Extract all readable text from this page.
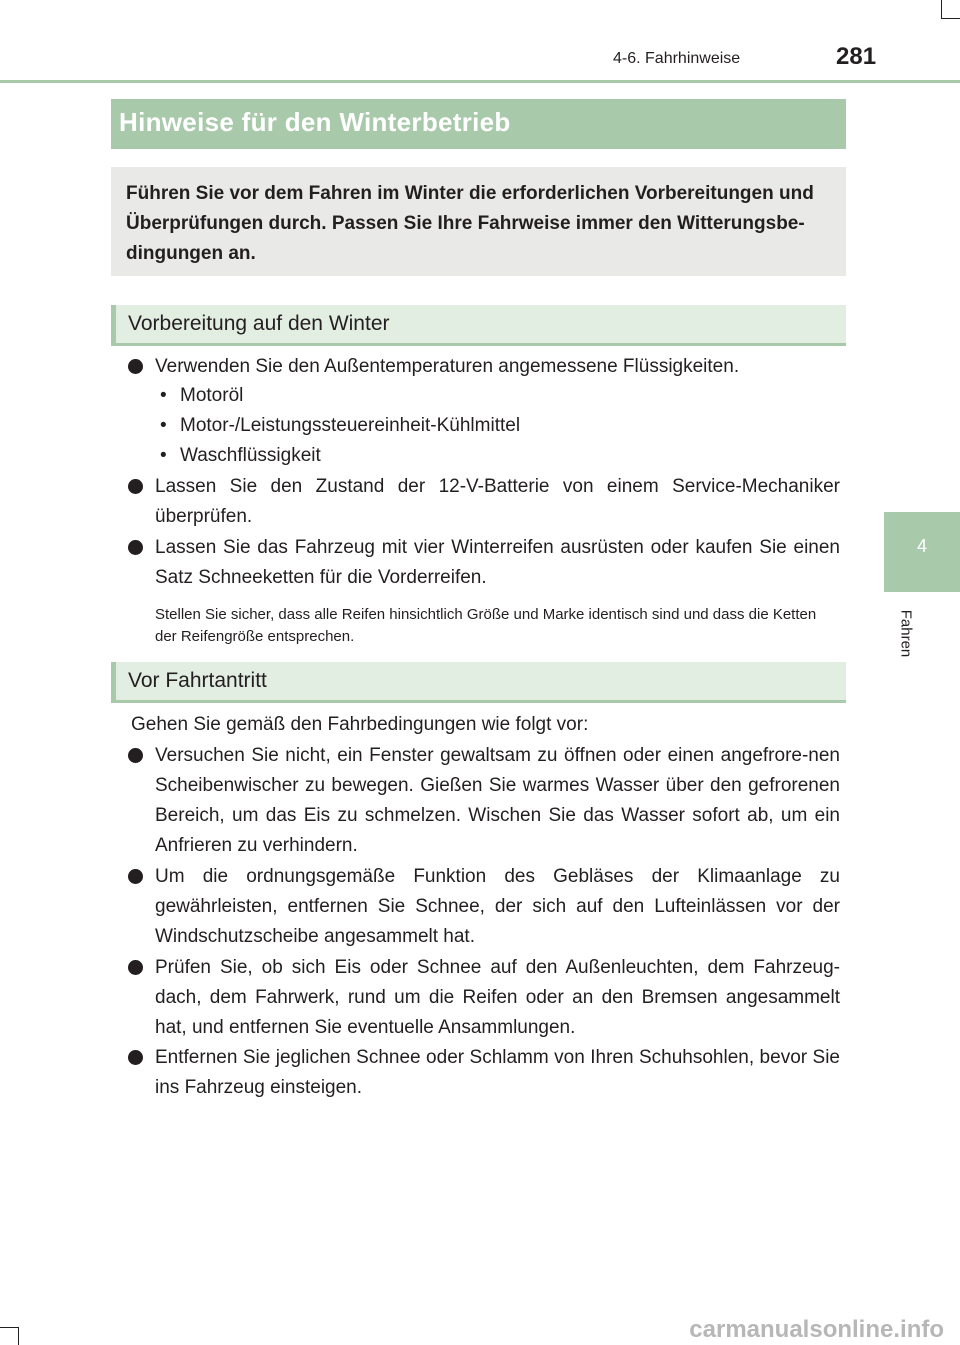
4-6. Fahrhinweise	281
4
Fahren
Hinweise für den Winterbetrieb

Führen Sie vor dem Fahren im Winter die erforderlichen Vorbereitungen und Überprüfungen durch. Passen Sie Ihre Fahrweise immer den Witterungsbe-dingungen an.

Vorbereitung auf den Winter

Verwenden Sie den Außentemperaturen angemessene Flüssigkeiten.

• Motoröl
• Motor-/Leistungssteuereinheit-Kühlmittel
• Waschflüssigkeit

Lassen Sie den Zustand der 12-V-Batterie von einem Service-Mechaniker überprüfen.

Lassen Sie das Fahrzeug mit vier Winterreifen ausrüsten oder kaufen Sie einen Satz Schneeketten für die Vorderreifen.

Stellen Sie sicher, dass alle Reifen hinsichtlich Größe und Marke identisch sind und dass die Ketten der Reifengröße entsprechen.

Vor Fahrtantritt

Gehen Sie gemäß den Fahrbedingungen wie folgt vor:

Versuchen Sie nicht, ein Fenster gewaltsam zu öffnen oder einen angefrore-nen Scheibenwischer zu bewegen. Gießen Sie warmes Wasser über den gefrorenen Bereich, um das Eis zu schmelzen. Wischen Sie das Wasser sofort ab, um ein Anfrieren zu verhindern.

Um die ordnungsgemäße Funktion des Gebläses der Klimaanlage zu gewährleisten, entfernen Sie Schnee, der sich auf den Lufteinlässen vor der Windschutzscheibe angesammelt hat.

Prüfen Sie, ob sich Eis oder Schnee auf den Außenleuchten, dem Fahrzeug-dach, dem Fahrwerk, rund um die Reifen oder an den Bremsen angesammelt hat, und entfernen Sie eventuelle Ansammlungen.

Entfernen Sie jeglichen Schnee oder Schlamm von Ihren Schuhsohlen, bevor Sie ins Fahrzeug einsteigen.

carmanualsonline.info
